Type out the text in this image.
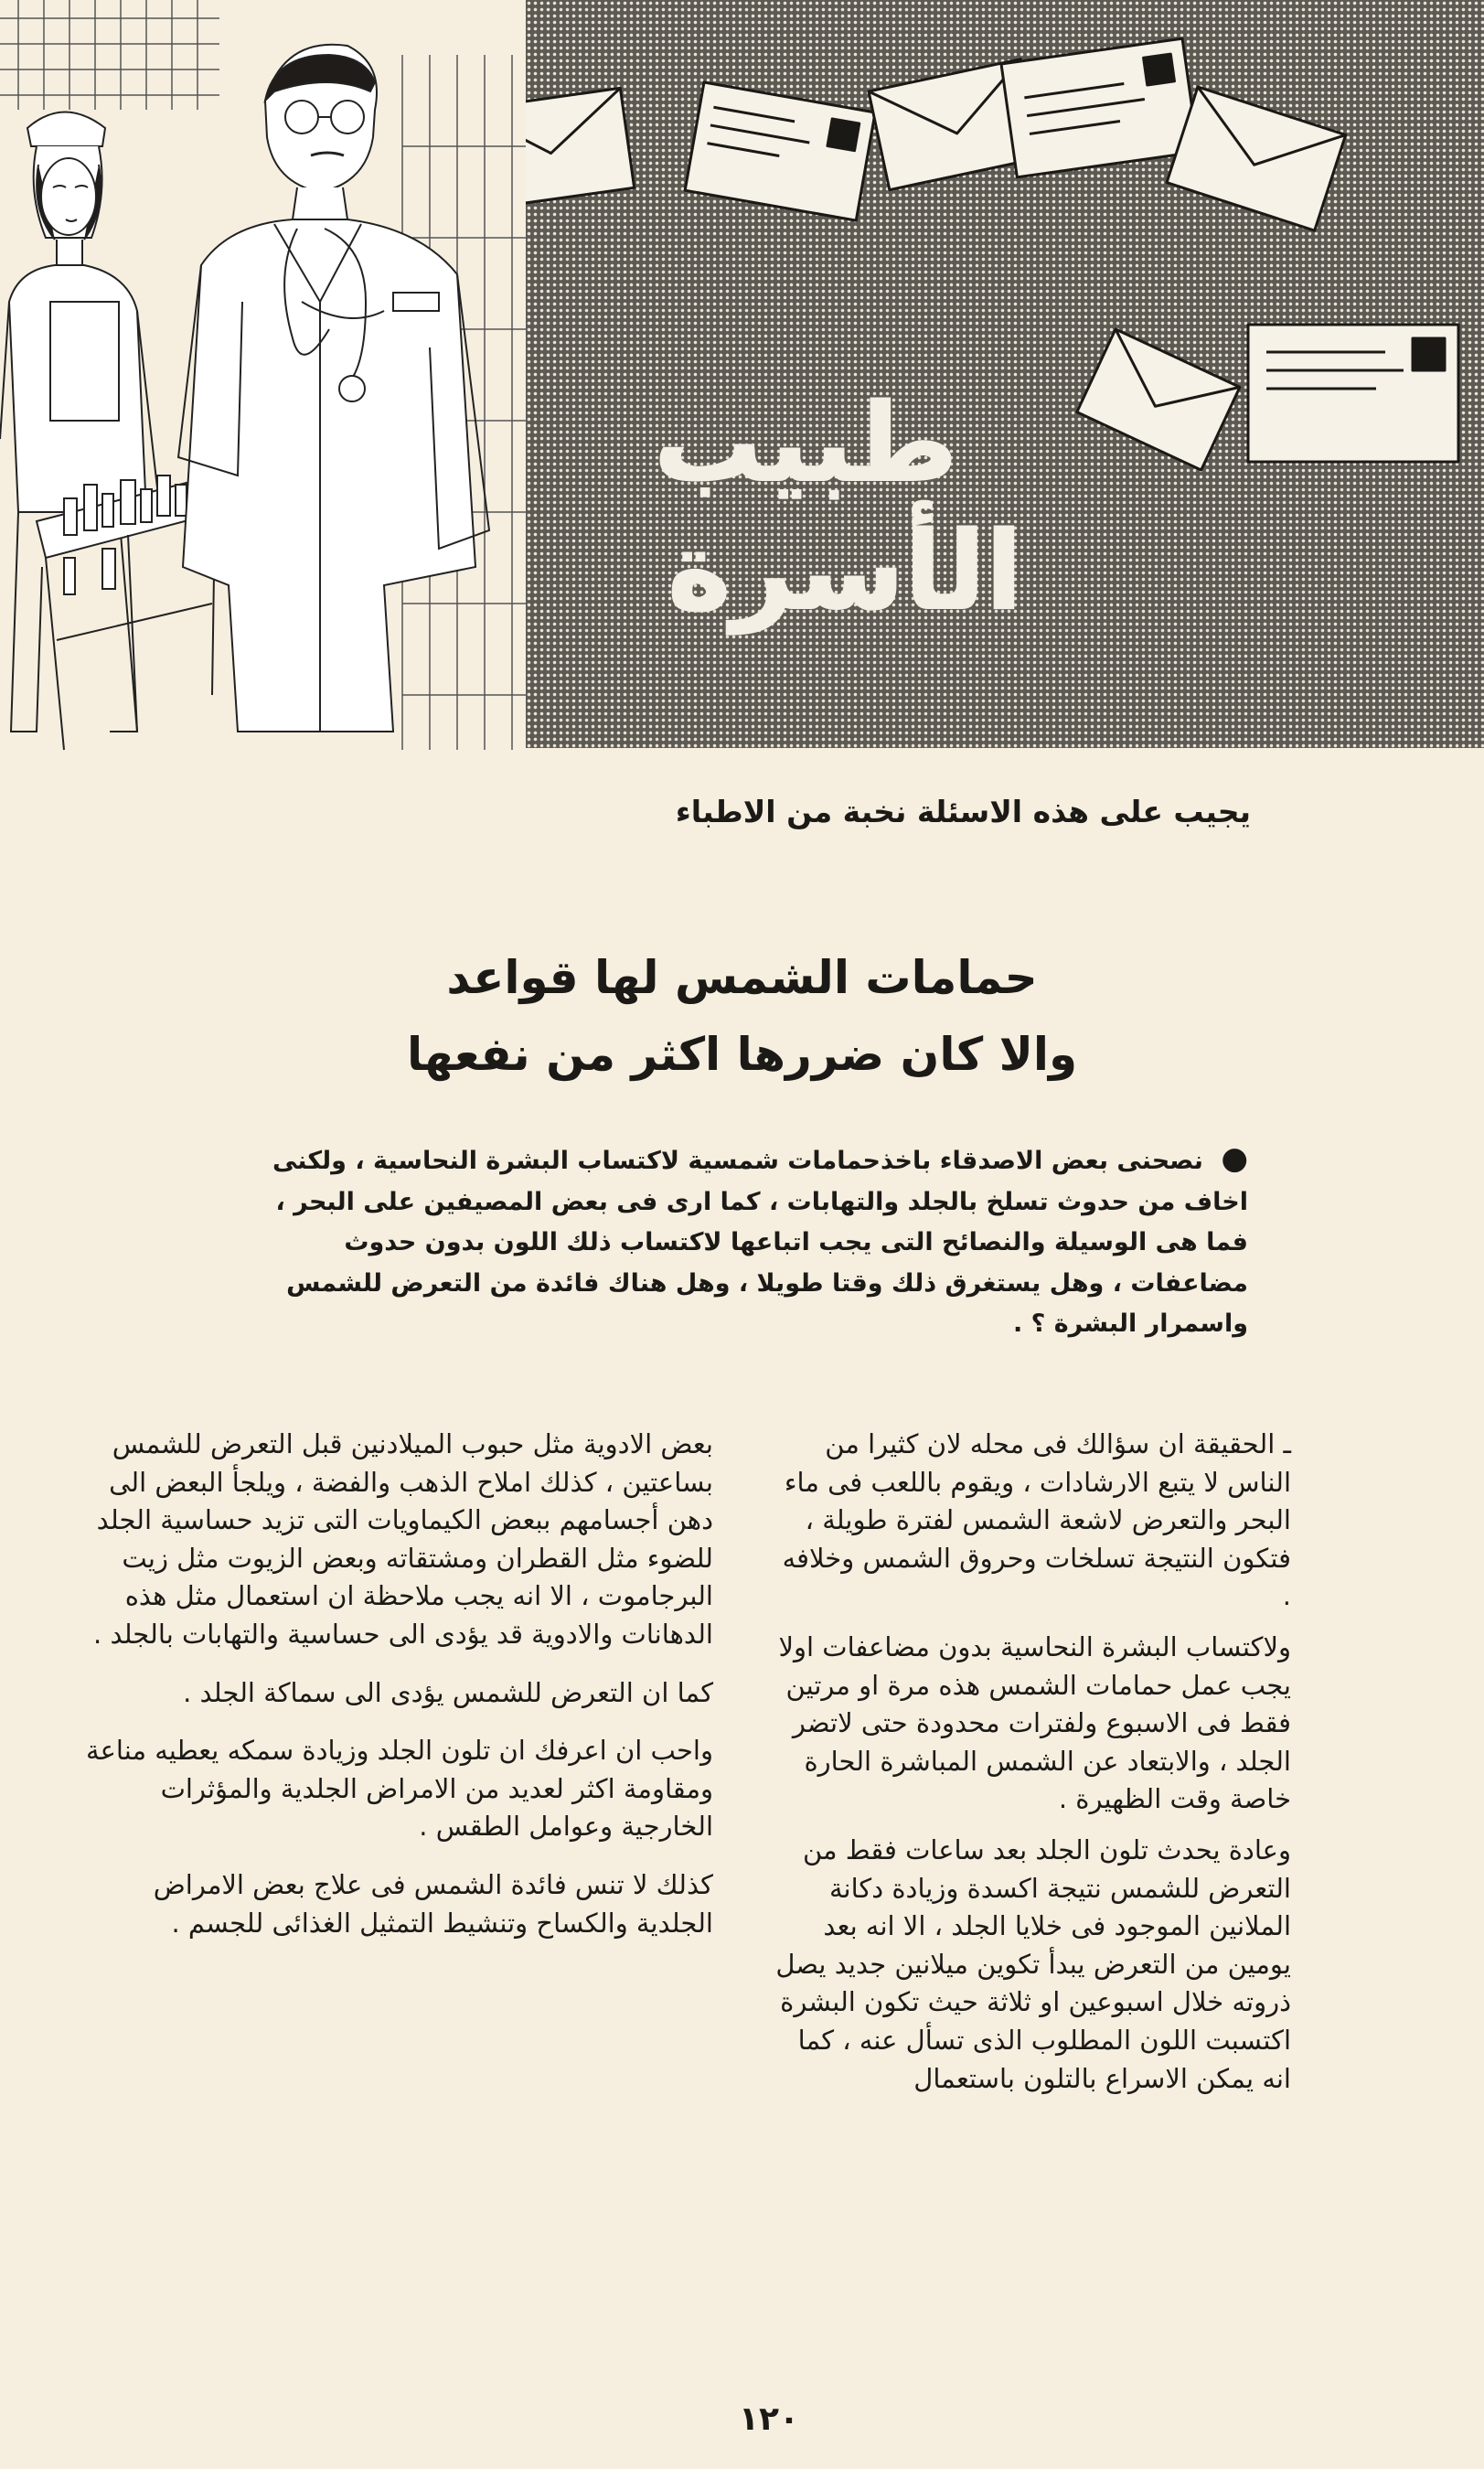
طبيب
الأسرة
يجيب على هذه الاسئلة نخبة من الاطباء
حمامات الشمس لها قواعد
والا كان ضررها اكثر من نفعها
● نصحنى بعض الاصدقاء باخذحمامات شمسية لاكتساب البشرة النحاسية ، ولكنى اخاف من حدوث تسلخ بالجلد والتهابات ، كما ارى فى بعض المصيفين على البحر ، فما هى الوسيلة والنصائح التى يجب اتباعها لاكتساب ذلك اللون بدون حدوث مضاعفات ، وهل يستغرق ذلك وقتا طويلا ، وهل هناك فائدة من التعرض للشمس واسمرار البشرة ؟ .

ـ الحقيقة ان سؤالك فى محله لان كثيرا من الناس لا يتبع الارشادات ، ويقوم باللعب فى ماء البحر والتعرض لاشعة الشمس لفترة طويلة ، فتكون النتيجة تسلخات وحروق الشمس وخلافه .

ولاكتساب البشرة النحاسية بدون مضاعفات اولا يجب عمل حمامات الشمس هذه مرة او مرتين فقط فى الاسبوع ولفترات محدودة حتى لاتضر الجلد ، والابتعاد عن الشمس المباشرة الحارة خاصة وقت الظهيرة .

وعادة يحدث تلون الجلد بعد ساعات فقط من التعرض للشمس نتيجة اكسدة وزيادة دكانة الملانين الموجود فى خلايا الجلد ، الا انه بعد يومين من التعرض يبدأ تكوين ميلانين جديد يصل ذروته خلال اسبوعين او ثلاثة حيث تكون البشرة اكتسبت اللون المطلوب الذى تسأل عنه ، كما انه يمكن الاسراع بالتلون باستعمال

بعض الادوية مثل حبوب الميلادنين قبل التعرض للشمس بساعتين ، كذلك املاح الذهب والفضة ، ويلجأ البعض الى دهن أجسامهم ببعض الكيماويات التى تزيد حساسية الجلد للضوء مثل القطران ومشتقاته وبعض الزيوت مثل زيت البرجاموت ، الا انه يجب ملاحظة ان استعمال مثل هذه الدهانات والادوية قد يؤدى الى حساسية والتهابات بالجلد .

كما ان التعرض للشمس يؤدى الى سماكة الجلد .

واحب ان اعرفك ان تلون الجلد وزيادة سمكه يعطيه مناعة ومقاومة اكثر لعديد من الامراض الجلدية والمؤثرات الخارجية وعوامل الطقس .

كذلك لا تنس فائدة الشمس فى علاج بعض الامراض الجلدية والكساح وتنشيط التمثيل الغذائى للجسم .

١٢٠
